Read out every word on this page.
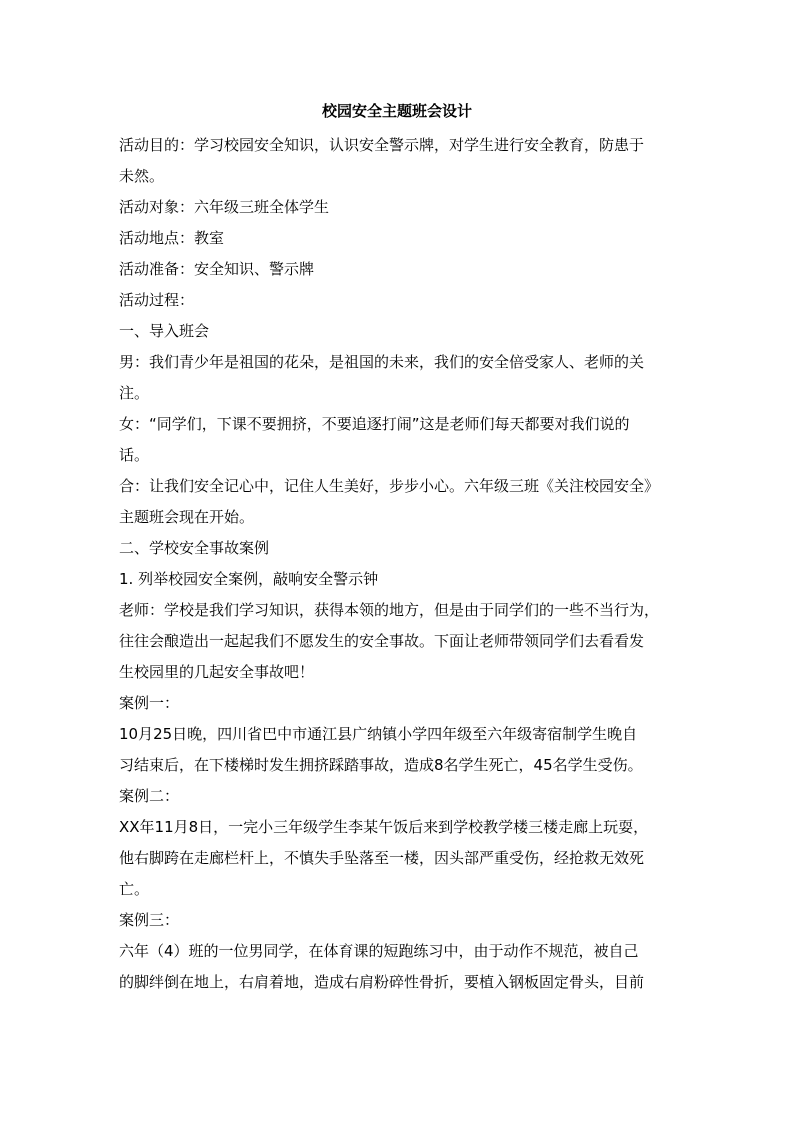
校园安全主题班会设计
活动目的：学习校园安全知识，认识安全警示牌，对学生进行安全教育，防患于
未然。
活动对象：六年级三班全体学生
活动地点：教室
活动准备：安全知识、警示牌
活动过程：
一、导入班会
男：我们青少年是祖国的花朵，是祖国的未来，我们的安全倍受家人、老师的关
注。
女：“同学们，下课不要拥挤，不要追逐打闹”这是老师们每天都要对我们说的
话。
合：让我们安全记心中，记住人生美好，步步小心。六年级三班《关注校园安全》
主题班会现在开始。
二、学校安全事故案例
1. 列举校园安全案例，敲响安全警示钟
老师：学校是我们学习知识，获得本领的地方，但是由于同学们的一些不当行为，
往往会酿造出一起起我们不愿发生的安全事故。下面让老师带领同学们去看看发
生校园里的几起安全事故吧！
案例一：
10月25日晚，四川省巴中市通江县广纳镇小学四年级至六年级寄宿制学生晚自
习结束后，在下楼梯时发生拥挤踩踏事故，造成8名学生死亡，45名学生受伤。
案例二：
XX年11月8日，一完小三年级学生李某午饭后来到学校教学楼三楼走廊上玩耍，
他右脚跨在走廊栏杆上，不慎失手坠落至一楼，因头部严重受伤，经抢救无效死
亡。
案例三：
六年（4）班的一位男同学，在体育课的短跑练习中，由于动作不规范，被自己
的脚绊倒在地上，右肩着地，造成右肩粉碎性骨折，要植入钢板固定骨头，目前
